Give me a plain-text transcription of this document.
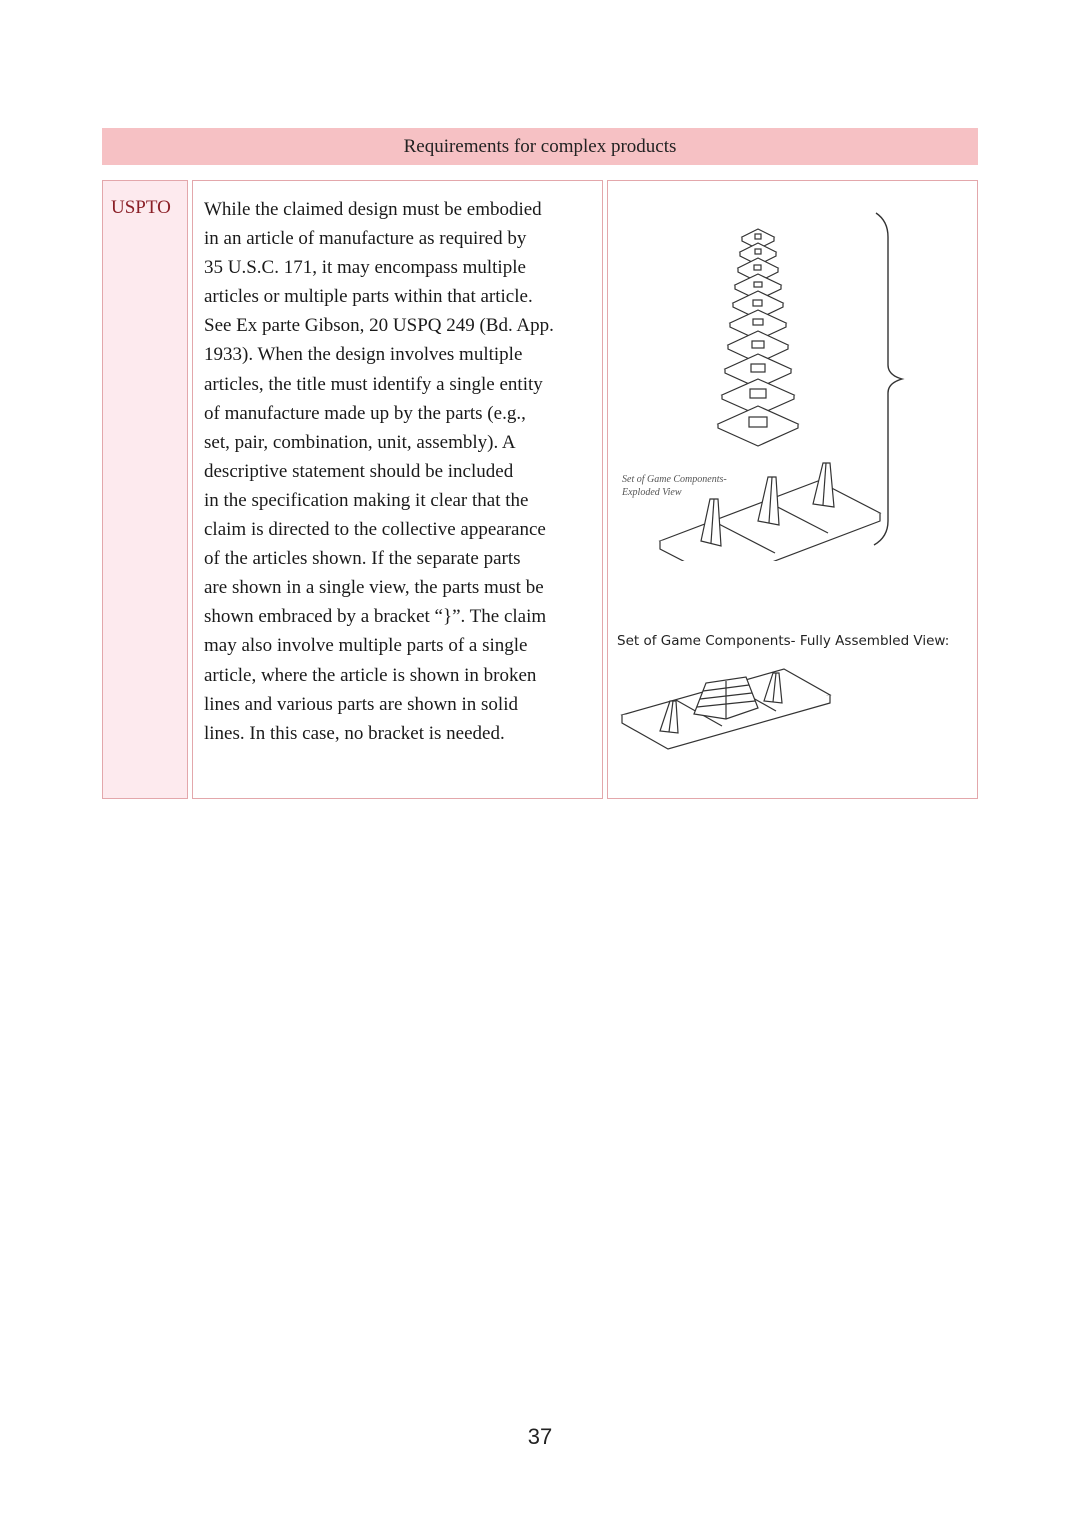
Requirements for complex products
USPTO While the claimed design must be embodied
in an article of manufacture as required by
35 U.S.C. 171, it may encompass multiple
articles or multiple parts within that article.
See Ex parte Gibson, 20 USPQ 249 (Bd. App.
1933). When the design involves multiple
articles, the title must identify a single entity
of manufacture made up by the parts (e.g.,
set, pair, combination, unit, assembly). A
descriptive statement should be included
in the specification making it clear that the
claim is directed to the collective appearance
of the articles shown. If the separate parts
are shown in a single view, the parts must be
shown embraced by a bracket “}”. The claim
may also involve multiple parts of a single
article, where the article is shown in broken
lines and various parts are shown in solid
lines. In this case, no bracket is needed.

Set of Game Components-
Exploded View
Set of Game Components- Fully Assembled View:
37
